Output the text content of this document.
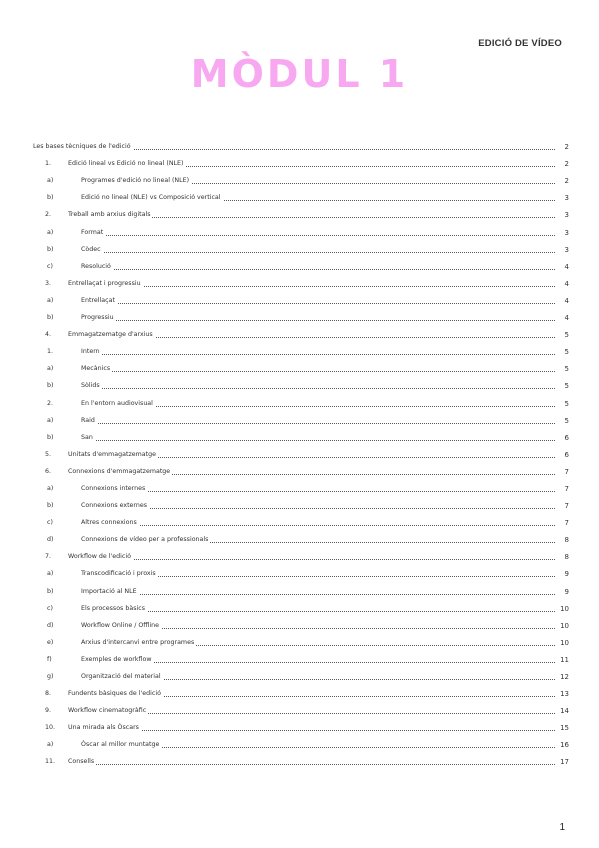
EDICIÓ DE VÍDEO
MÒDUL 1
Les bases tècniques de l'edició	2
1.	Edició lineal vs Edició no lineal (NLE)	2
a)	Programes d'edició no lineal (NLE)	2
b)	Edició no lineal (NLE) vs Composició vertical	3
2.	Treball amb arxius digitals	3
a)	Format	3
b)	Còdec	3
c)	Resolució	4
3.	Entrellaçat i progressiu	4
a)	Entrellaçat	4
b)	Progressiu	4
4.	Emmagatzematge d'arxius	5
1.	Intern	5
a)	Mecànics	5
b)	Sòlids	5
2.	En l'entorn audiovisual	5
a)	Raid	5
b)	San	6
5.	Unitats d'emmagatzematge	6
6.	Connexions d'emmagatzematge	7
a)	Connexions internes	7
b)	Connexions externes	7
c)	Altres connexions	7
d)	Connexions de vídeo per a professionals	8
7.	Workflow de l'edició	8
a)	Transcodificació i proxis	9
b)	Importació al NLE	9
c)	Els processos bàsics	10
d)	Workflow Online / Offline	10
e)	Arxius d'intercanvi entre programes	10
f)	Exemples de workflow	11
g)	Organització del material	12
8.	Fundents bàsiques de l'edició	13
9.	Workflow cinematogràfic	14
10. Una mirada als Òscars	15
a)	Òscar al millor muntatge	16
11. Consells	17
1
